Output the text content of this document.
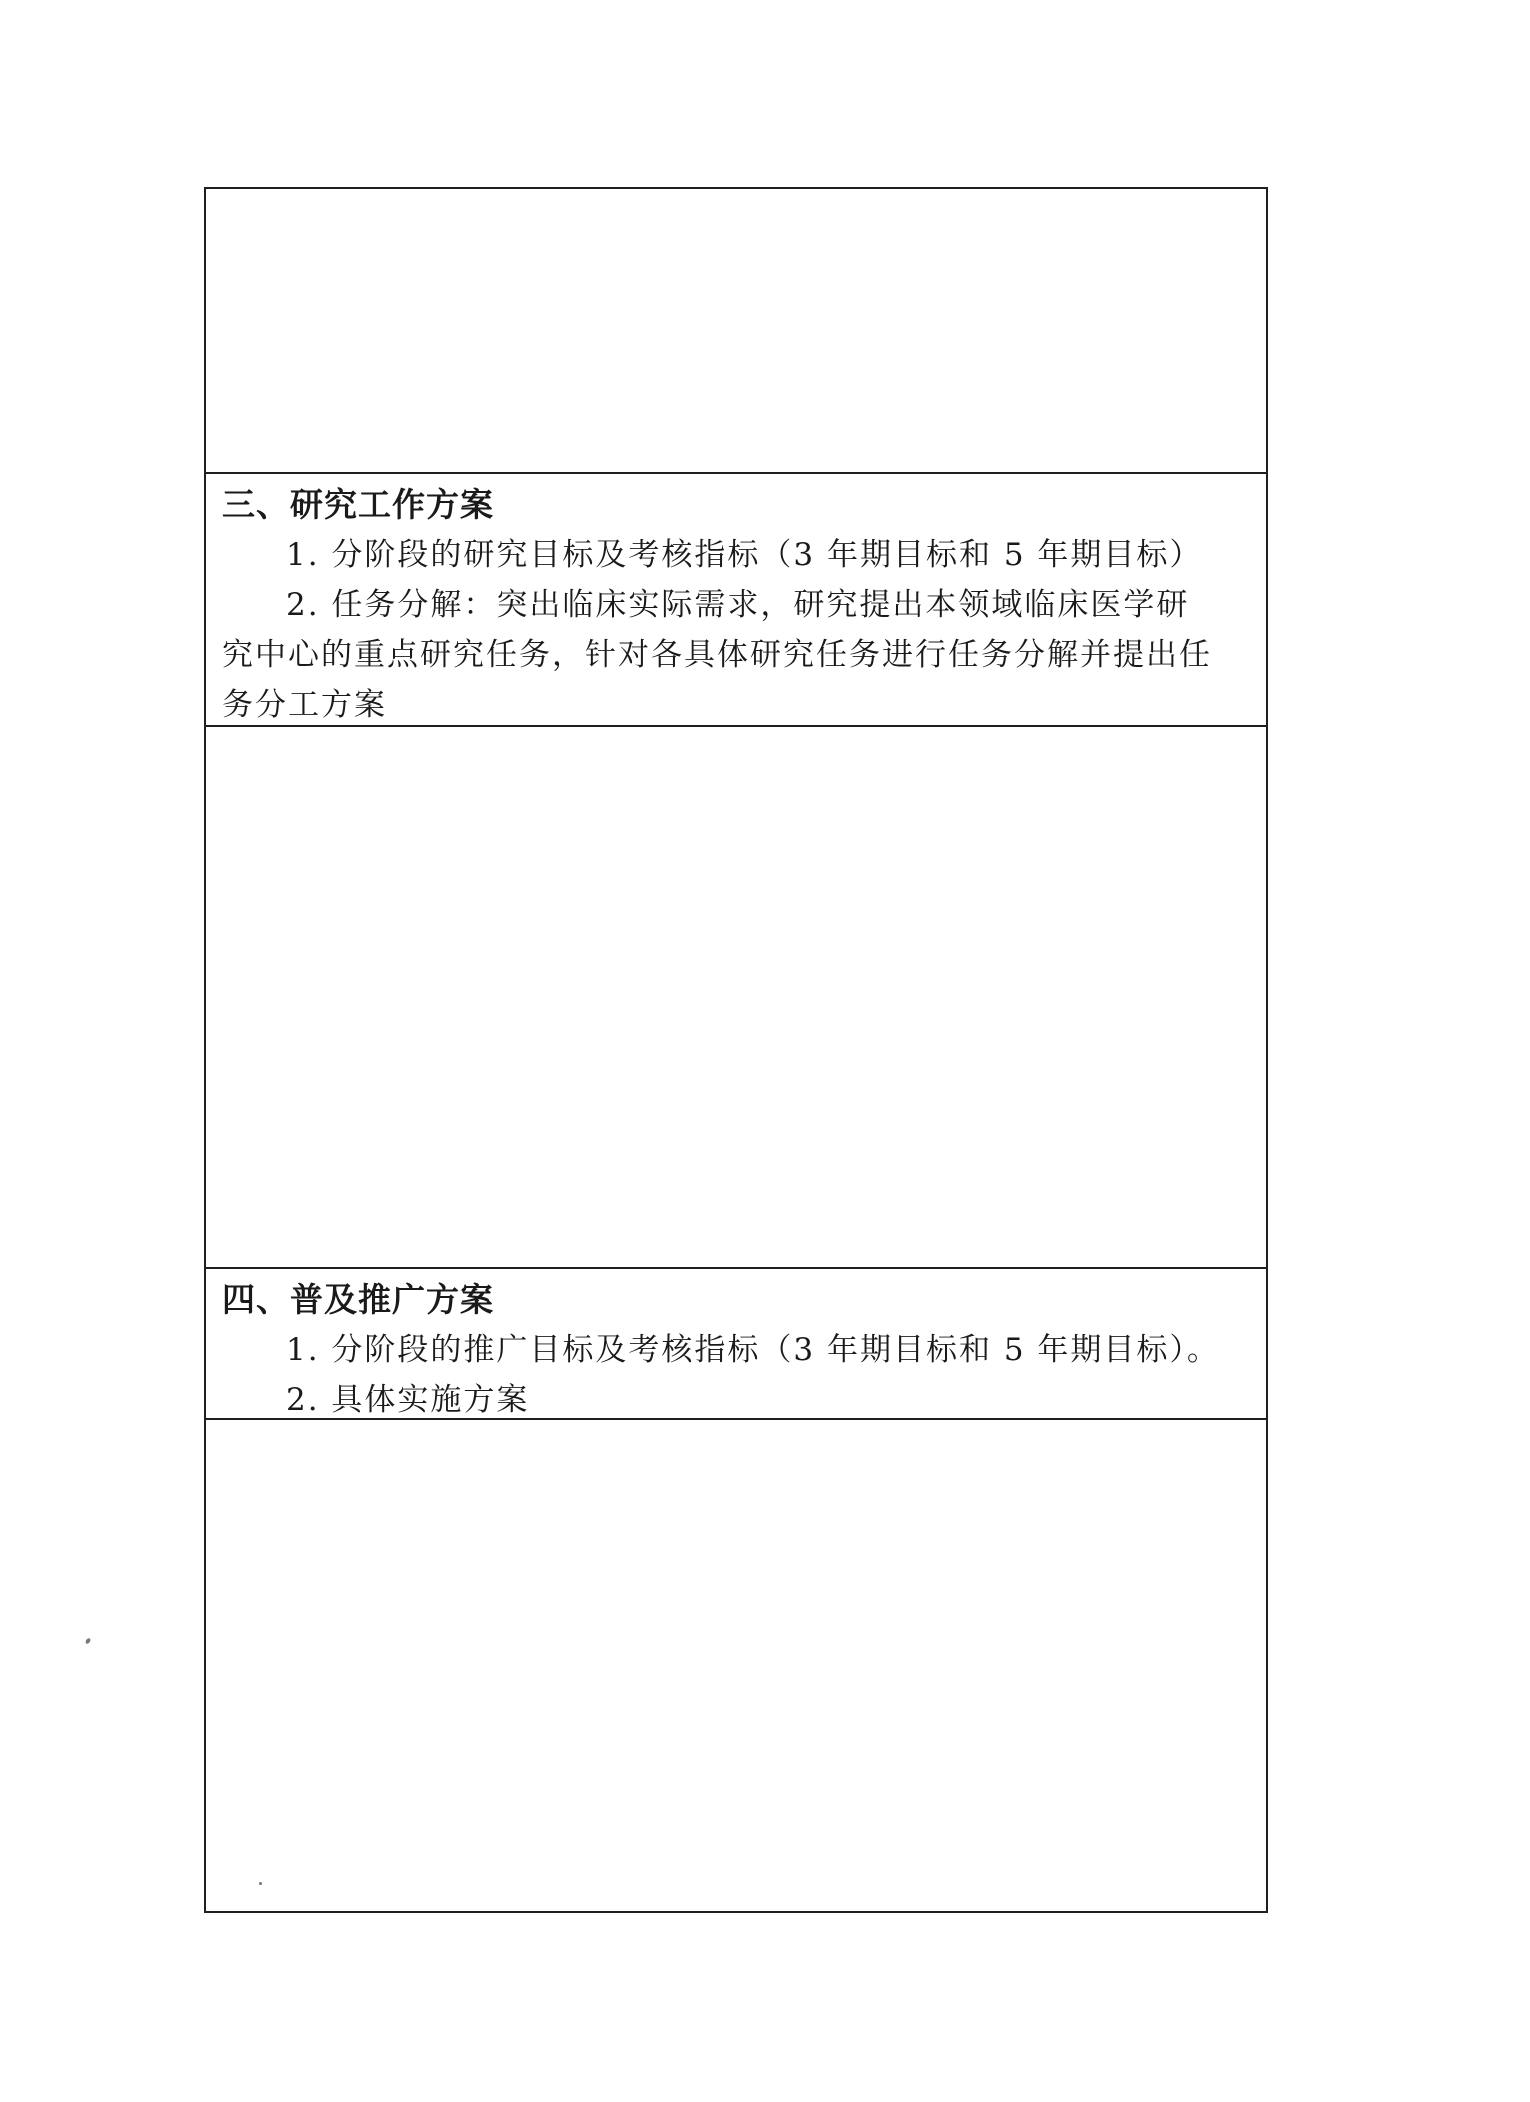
三、研究工作方案
1. 分阶段的研究目标及考核指标（3 年期目标和 5 年期目标）
2. 任务分解：突出临床实际需求，研究提出本领域临床医学研
究中心的重点研究任务，针对各具体研究任务进行任务分解并提出任
务分工方案
四、普及推广方案
1. 分阶段的推广目标及考核指标（3 年期目标和 5 年期目标）。
2. 具体实施方案
